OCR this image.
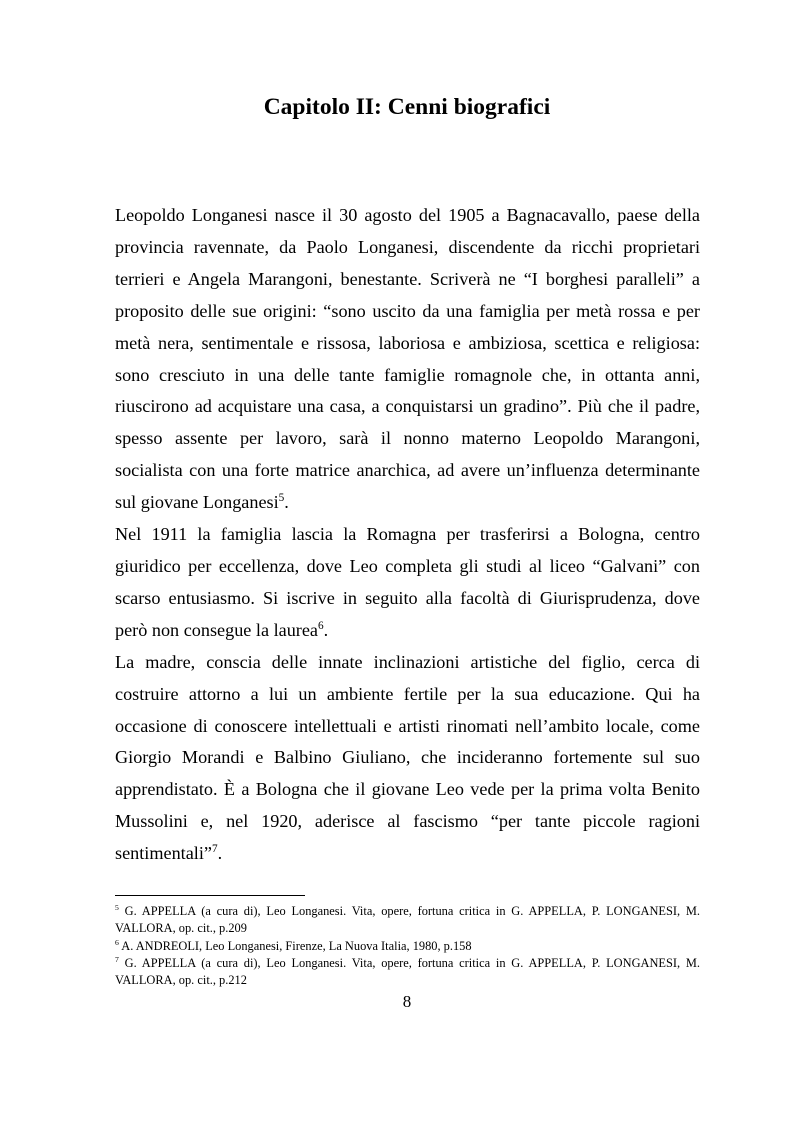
Capitolo II: Cenni biografici

Leopoldo Longanesi nasce il 30 agosto del 1905 a Bagnacavallo, paese della provincia ravennate, da Paolo Longanesi, discendente da ricchi proprietari terrieri e Angela Marangoni, benestante. Scriverà ne “I borghesi paralleli” a proposito delle sue origini: “sono uscito da una famiglia per metà rossa e per metà nera, sentimentale e rissosa, laboriosa e ambiziosa, scettica e religiosa: sono cresciuto in una delle tante famiglie romagnole che, in ottanta anni, riuscirono ad acquistare una casa, a conquistarsi un gradino”. Più che il padre, spesso assente per lavoro, sarà il nonno materno Leopoldo Marangoni, socialista con una forte matrice anarchica, ad avere un’influenza determinante sul giovane Longanesi$^5$.

Nel 1911 la famiglia lascia la Romagna per trasferirsi a Bologna, centro giuridico per eccellenza, dove Leo completa gli studi al liceo “Galvani” con scarso entusiasmo. Si iscrive in seguito alla facoltà di Giurisprudenza, dove però non consegue la laurea$^6$.

La madre, conscia delle innate inclinazioni artistiche del figlio, cerca di costruire attorno a lui un ambiente fertile per la sua educazione. Qui ha occasione di conoscere intellettuali e artisti rinomati nell’ambito locale, come Giorgio Morandi e Balbino Giuliano, che incideranno fortemente sul suo apprendistato. È a Bologna che il giovane Leo vede per la prima volta Benito Mussolini e, nel 1920, aderisce al fascismo “per tante piccole ragioni sentimentali”$^7$.

$^5$ G. APPELLA (a cura di), Leo Longanesi. Vita, opere, fortuna critica in G. APPELLA, P. LONGANESI, M. VALLORA, op. cit., p.209

$^6$ A. ANDREOLI, Leo Longanesi, Firenze, La Nuova Italia, 1980, p.158

$^7$ G. APPELLA (a cura di), Leo Longanesi. Vita, opere, fortuna critica in G. APPELLA, P. LONGANESI, M. VALLORA, op. cit., p.212

8
